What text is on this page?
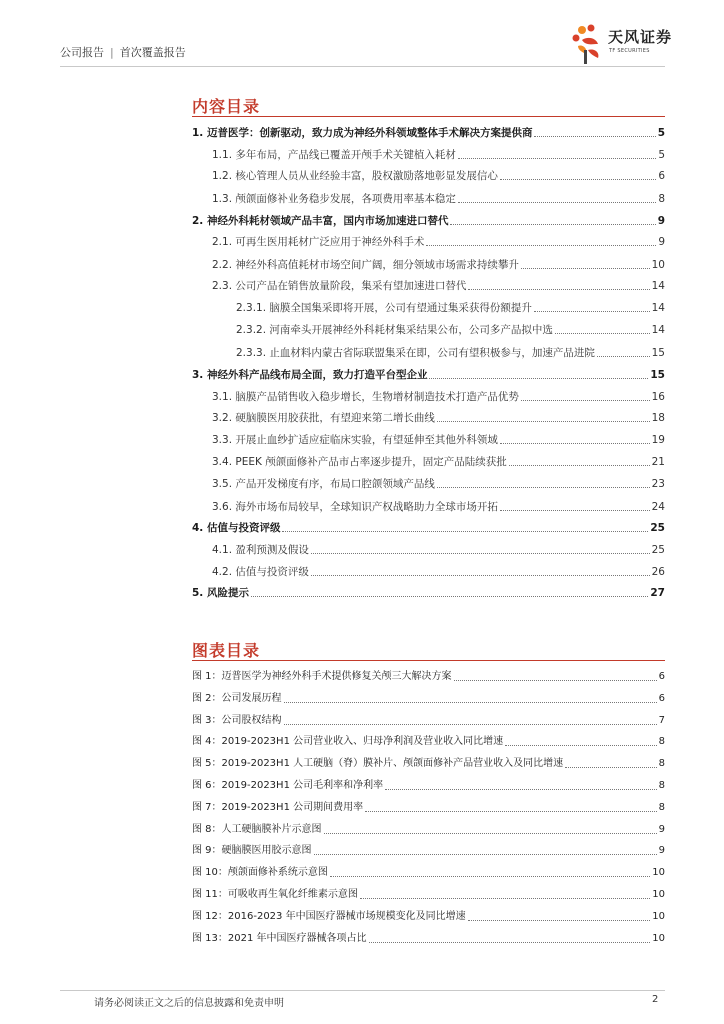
公司报告 | 首次覆盖报告
天风证券
TF SECURITIES
内容目录
1. 迈普医学：创新驱动，致力成为神经外科领域整体手术解决方案提供商	5
1.1. 多年布局，产品线已覆盖开颅手术关键植入耗材	5
1.2. 核心管理人员从业经验丰富，股权激励落地彰显发展信心	6
1.3. 颅颌面修补业务稳步发展，各项费用率基本稳定	8
2. 神经外科耗材领域产品丰富，国内市场加速进口替代	9
2.1. 可再生医用耗材广泛应用于神经外科手术	9
2.2. 神经外科高值耗材市场空间广阔，细分领域市场需求持续攀升	10
2.3. 公司产品在销售放量阶段，集采有望加速进口替代	14
2.3.1. 脑膜全国集采即将开展，公司有望通过集采获得份额提升	14
2.3.2. 河南牵头开展神经外科耗材集采结果公布，公司多产品拟中选	14
2.3.3. 止血材料内蒙古省际联盟集采在即，公司有望积极参与，加速产品进院	15
3. 神经外科产品线布局全面，致力打造平台型企业	15
3.1. 脑膜产品销售收入稳步增长，生物增材制造技术打造产品优势	16
3.2. 硬脑膜医用胶获批，有望迎来第二增长曲线	18
3.3. 开展止血纱扩适应症临床实验，有望延伸至其他外科领域	19
3.4. PEEK 颅颌面修补产品市占率逐步提升，固定产品陆续获批	21
3.5. 产品开发梯度有序，布局口腔颌领域产品线	23
3.6. 海外市场布局较早，全球知识产权战略助力全球市场开拓	24
4. 估值与投资评级	25
4.1. 盈利预测及假设	25
4.2. 估值与投资评级	26
5. 风险提示	27
图表目录
图 1：迈普医学为神经外科手术提供修复关颅三大解决方案	6
图 2：公司发展历程	6
图 3：公司股权结构	7
图 4：2019-2023H1 公司营业收入、归母净利润及营业收入同比增速	8
图 5：2019-2023H1 人工硬脑（脊）膜补片、颅颌面修补产品营业收入及同比增速	8
图 6：2019-2023H1 公司毛利率和净利率	8
图 7：2019-2023H1 公司期间费用率	8
图 8：人工硬脑膜补片示意图	9
图 9：硬脑膜医用胶示意图	9
图 10：颅颌面修补系统示意图	10
图 11：可吸收再生氧化纤维素示意图	10
图 12：2016-2023 年中国医疗器械市场规模变化及同比增速	10
图 13：2021 年中国医疗器械各项占比	10
请务必阅读正文之后的信息披露和免责申明	2
